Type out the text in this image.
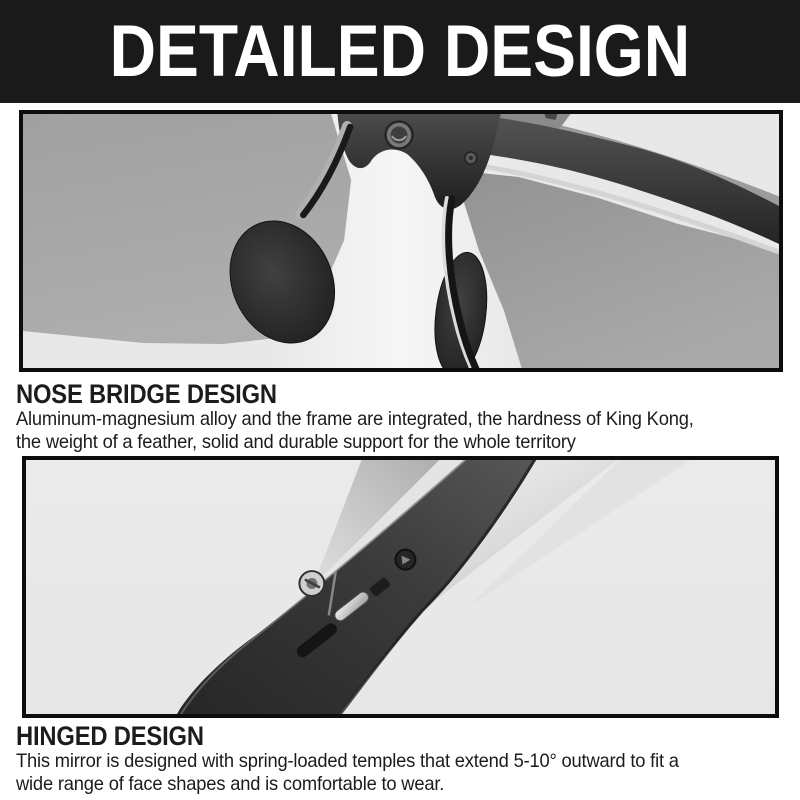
DETAILED DESIGN
NOSE BRIDGE DESIGN
Aluminum-magnesium alloy and the frame are integrated, the hardness of King Kong,
the weight of a feather, solid and durable support for the whole territory
HINGED DESIGN
This mirror is designed with spring-loaded temples that extend 5-10° outward to fit a
wide range of face shapes and is comfortable to wear.
